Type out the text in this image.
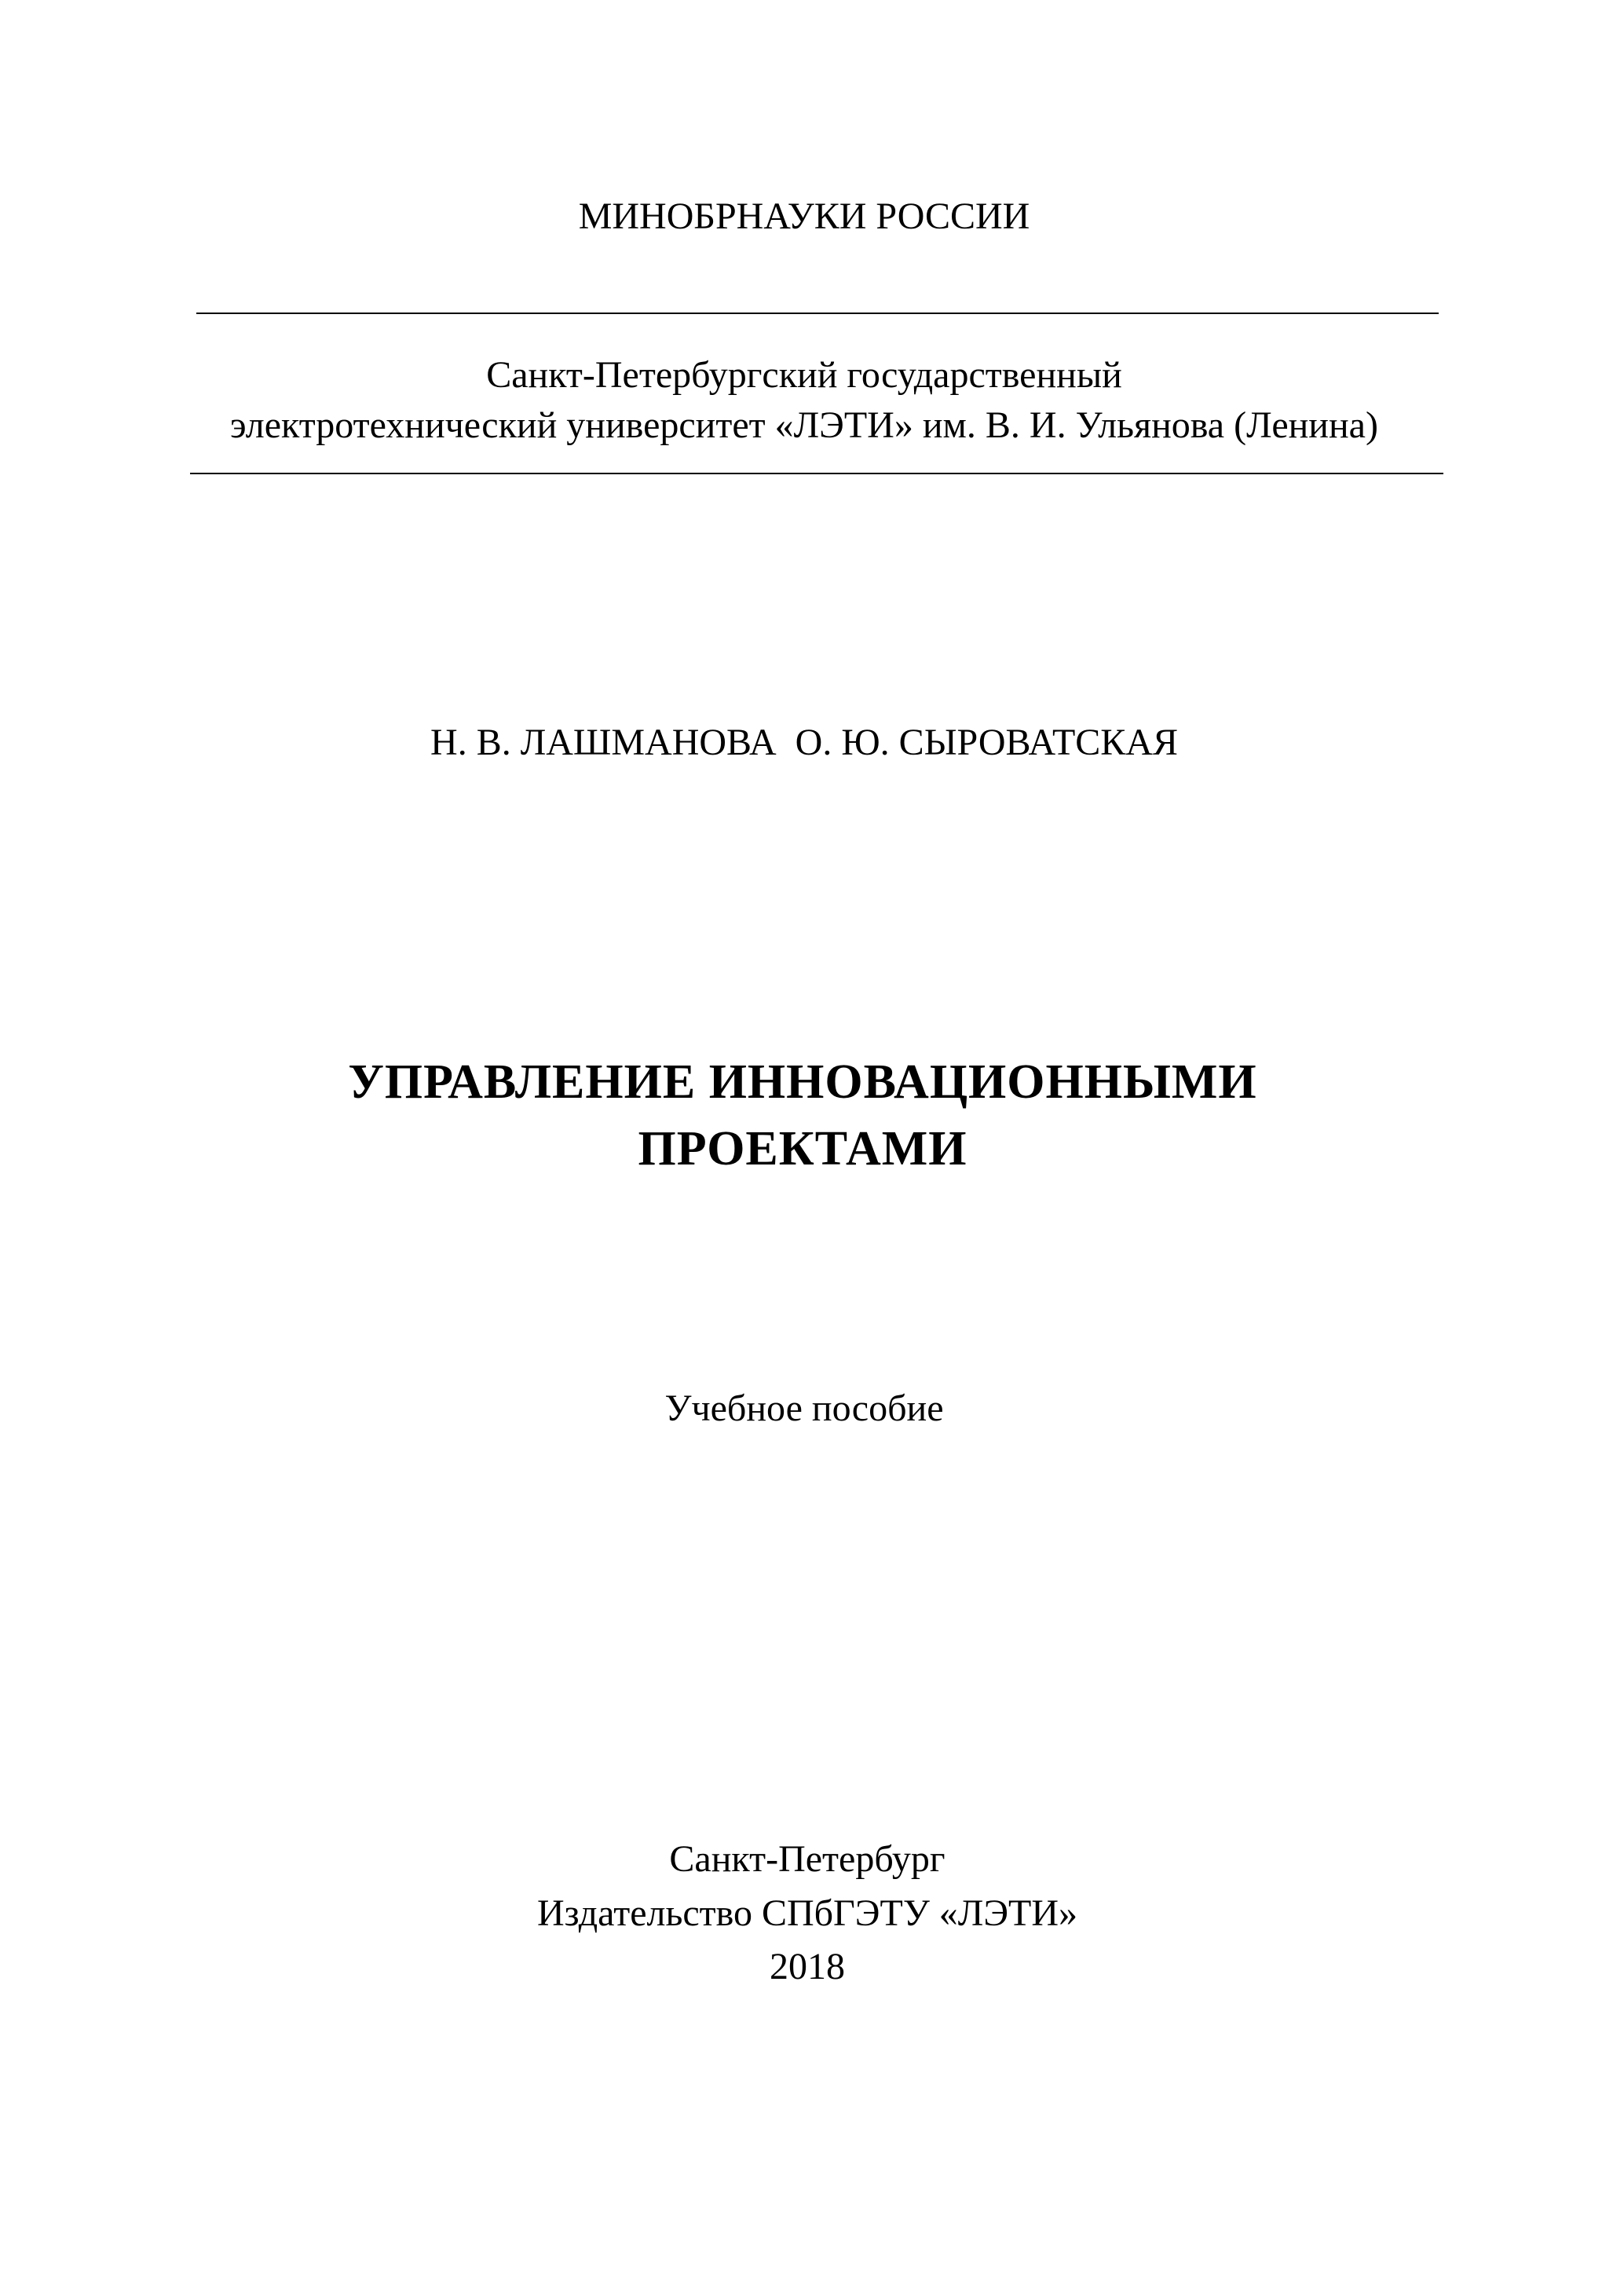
МИНОБРНАУКИ РОССИИ
Санкт-Петербургский государственный
электротехнический университет «ЛЭТИ» им. В. И. Ульянова (Ленина)
Н. В. ЛАШМАНОВА  О. Ю. СЫРОВАТСКАЯ
УПРАВЛЕНИЕ ИННОВАЦИОННЫМИ
ПРОЕКТАМИ
Учебное пособие
Санкт-Петербург
Издательство СПбГЭТУ «ЛЭТИ»
2018
